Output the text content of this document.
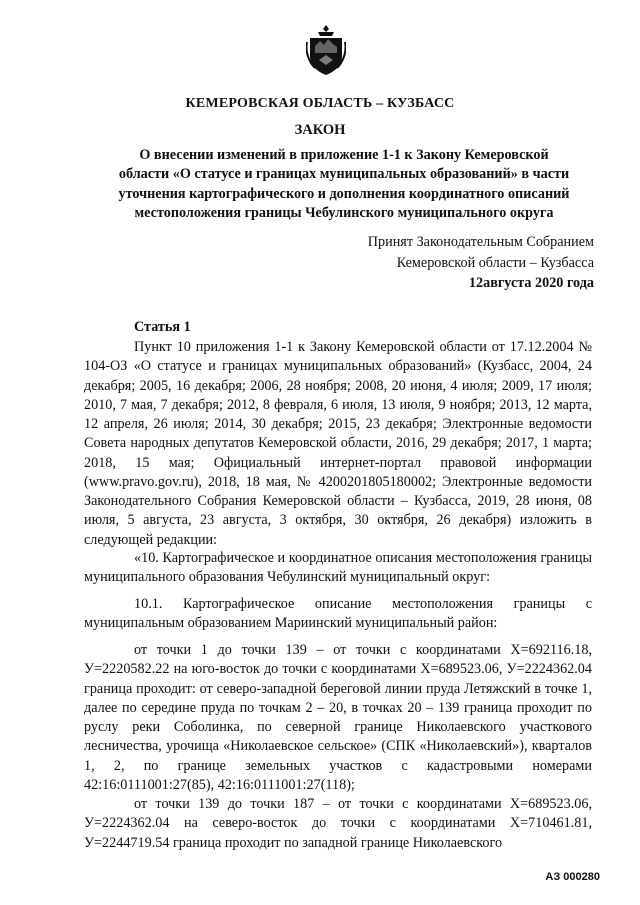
КЕМЕРОВСКАЯ ОБЛАСТЬ – КУЗБАСС
ЗАКОН
О внесении изменений в приложение 1-1 к Закону Кемеровской
области «О статусе и границах муниципальных образований» в части
уточнения картографического и дополнения координатного описаний
местоположения границы Чебулинского муниципального округа
Принят Законодательным Собранием
Кемеровской области – Кузбасса
12августа 2020 года
Статья 1
Пункт 10 приложения 1-1 к Закону Кемеровской области от 17.12.2004 № 104-ОЗ «О статусе и границах муниципальных образований» (Кузбасс, 2004, 24 декабря; 2005, 16 декабря; 2006, 28 ноября; 2008, 20 июня, 4 июля; 2009, 17 июля; 2010, 7 мая, 7 декабря; 2012, 8 февраля, 6 июля, 13 июля, 9 ноября; 2013, 12 марта, 12 апреля, 26 июля; 2014, 30 декабря; 2015, 23 декабря; Электронные ведомости Совета народных депутатов Кемеровской области, 2016, 29 декабря; 2017, 1 марта; 2018, 15 мая; Официальный интернет-портал правовой информации (www.pravo.gov.ru), 2018, 18 мая, № 4200201805180002; Электронные ведомости Законодательного Собрания Кемеровской области – Кузбасса, 2019, 28 июня, 08 июля, 5 августа, 23 августа, 3 октября, 30 октября, 26 декабря) изложить в следующей редакции:
«10. Картографическое и координатное описания местоположения границы муниципального образования Чебулинский муниципальный округ:
10.1. Картографическое описание местоположения границы с муниципальным образованием Мариинский муниципальный район:
от точки 1 до точки 139 – от точки с координатами Х=692116.18, У=2220582.22 на юго-восток до точки с координатами Х=689523.06, У=2224362.04 граница проходит: от северо-западной береговой линии пруда Летяжский в точке 1, далее по середине пруда по точкам 2 – 20, в точках 20 – 139 граница проходит по руслу реки Соболинка, по северной границе Николаевского участкового лесничества, урочища «Николаевское сельское» (СПК «Николаевский»), кварталов 1, 2, по границе земельных участков с кадастровыми номерами 42:16:0111001:27(85), 42:16:0111001:27(118);
от точки 139 до точки 187 – от точки с координатами Х=689523.06, У=2224362.04 на северо-восток до точки с координатами Х=710461.81, У=2244719.54 граница проходит по западной границе Николаевского
АЗ 000280
